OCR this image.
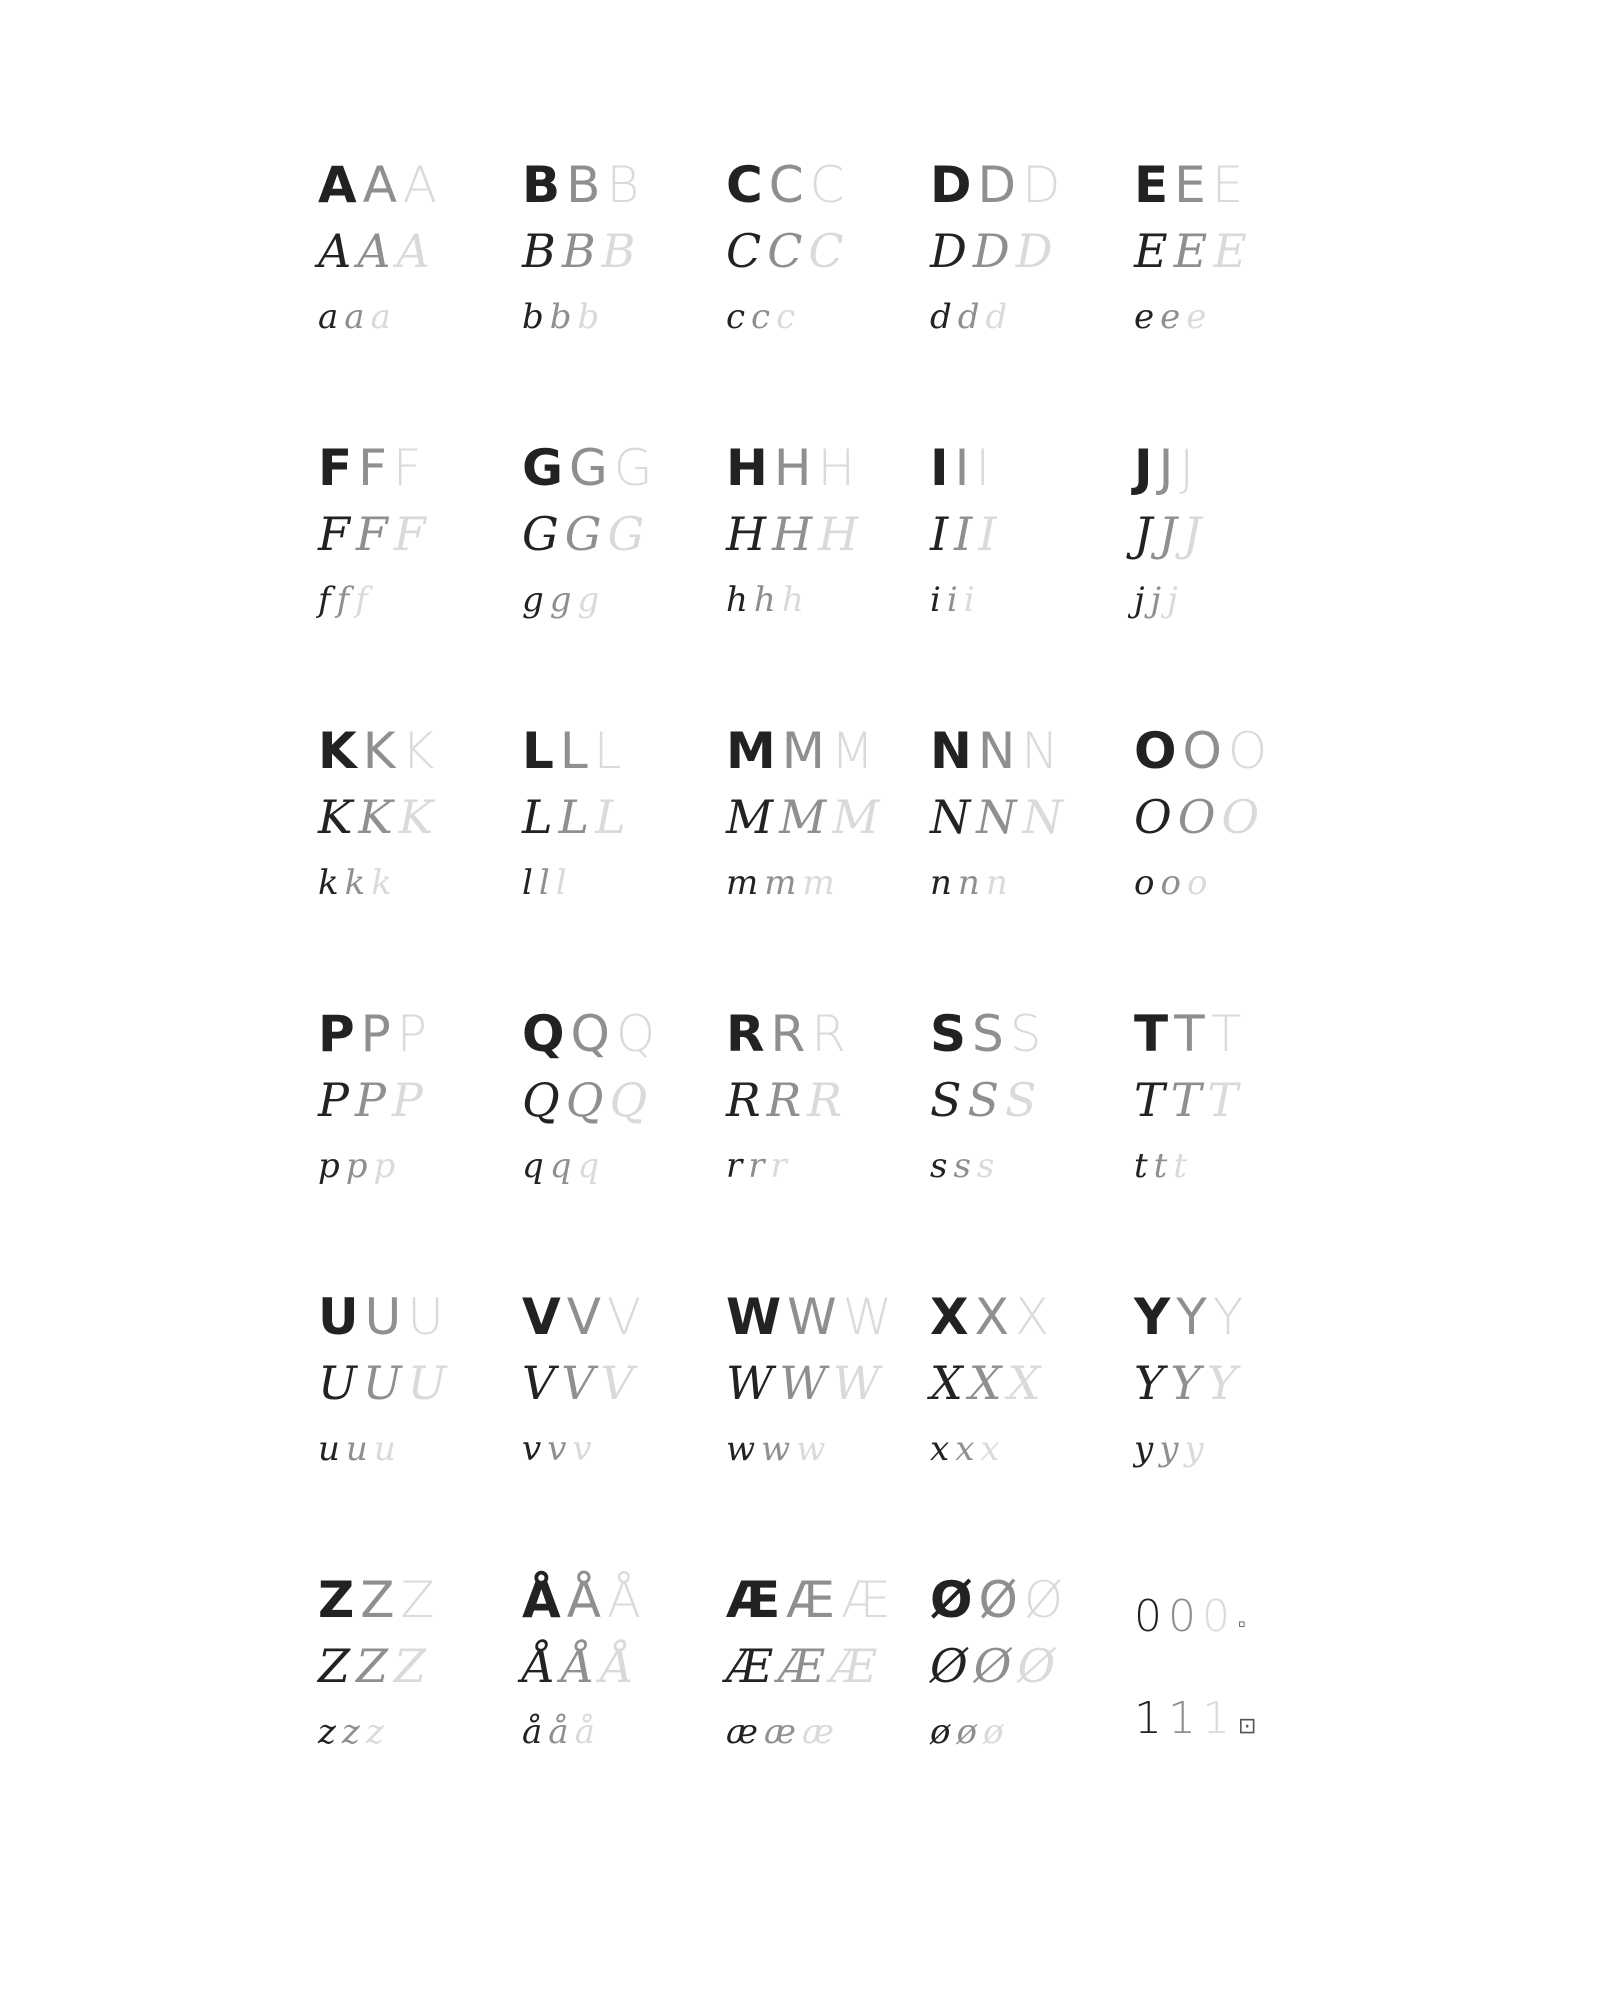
A A A
A A A
a a a
B B B
B B B
b b b
C C C
C C C
c c c
D D D
D D D
d d d
E E E
E E E
e e e
F F F
F F F
f f f
G G G
G G G
g g g
H H H
H H H
h h h
I I I
I I I
i i i
J J J
J J J
j j j
K K K
K K K
k k k
L L L
L L L
l l l
M M M
M M M
m m m
N N N
N N N
n n n
O O O
O O O
o o o
P P P
P P P
p p p
Q Q Q
Q Q Q
q q q
R R R
R R R
r r r
S S S
S S S
s s s
T T T
T T T
t t t
U U U
U U U
u u u
V V V
V V V
v v v
W W W
W W W
w w w
X X X
X X X
x x x
Y Y Y
Y Y Y
y y y
Z Z Z
Z Z Z
z z z
Å Å Å
Å Å Å
å å å
Æ Æ Æ
Æ Æ Æ
æ æ æ
Ø Ø Ø
Ø Ø Ø
ø ø ø
0 0 0 ▫
1 1 1 ⊡
